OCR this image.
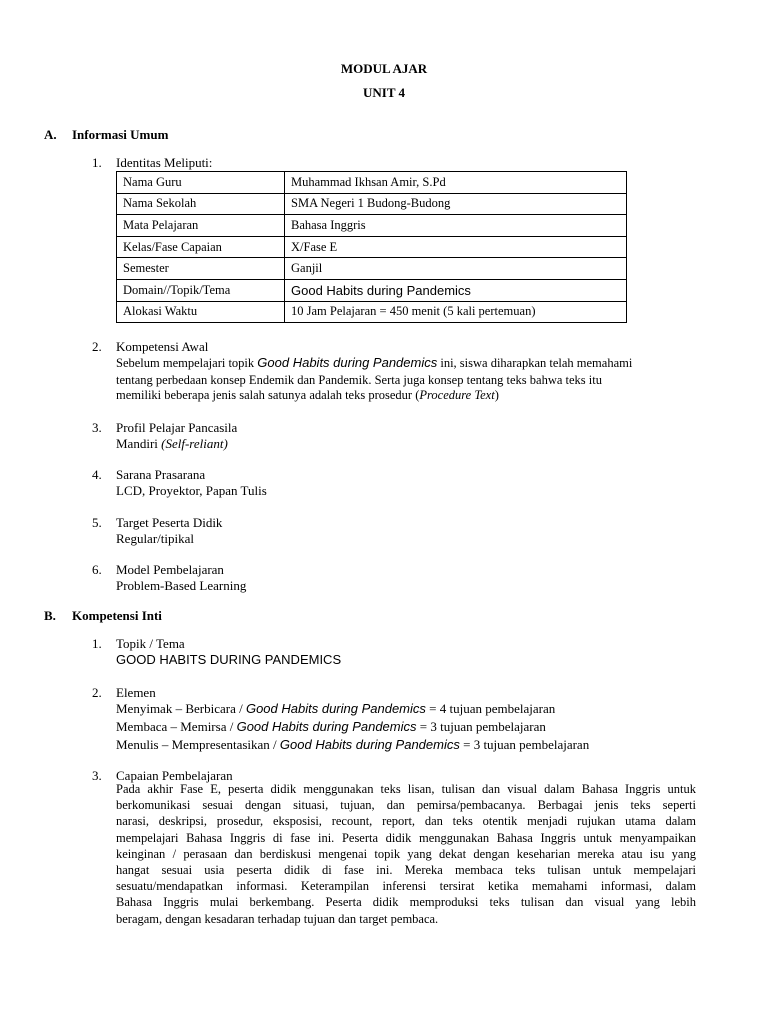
MODUL AJAR
UNIT 4
A. Informasi Umum
1. Identitas Meliputi:
Nama Guru	Muhammad Ikhsan Amir, S.Pd
Nama Sekolah	SMA Negeri 1 Budong-Budong
Mata Pelajaran	Bahasa Inggris
Kelas/Fase Capaian	X/Fase E
Semester	Ganjil
Domain//Topik/Tema	Good Habits during Pandemics
Alokasi Waktu	10 Jam Pelajaran = 450 menit (5 kali pertemuan)
2. Kompetensi Awal
Sebelum mempelajari topik Good Habits during Pandemics ini, siswa diharapkan telah memahami
tentang perbedaan konsep Endemik dan Pandemik. Serta juga konsep tentang teks bahwa teks itu
memiliki beberapa jenis salah satunya adalah teks prosedur (Procedure Text)
3. Profil Pelajar Pancasila
Mandiri (Self-reliant)
4. Sarana Prasarana
LCD, Proyektor, Papan Tulis
5. Target Peserta Didik
Regular/tipikal
6. Model Pembelajaran
Problem-Based Learning
B. Kompetensi Inti
1. Topik / Tema
GOOD HABITS DURING PANDEMICS
2. Elemen
Menyimak – Berbicara / Good Habits during Pandemics = 4 tujuan pembelajaran
Membaca – Memirsa / Good Habits during Pandemics = 3 tujuan pembelajaran
Menulis – Mempresentasikan / Good Habits during Pandemics = 3 tujuan pembelajaran
3. Capaian Pembelajaran
Pada akhir Fase E, peserta didik menggunakan teks lisan, tulisan dan visual dalam Bahasa Inggris untuk
berkomunikasi sesuai dengan situasi, tujuan, dan pemirsa/pembacanya. Berbagai jenis teks seperti
narasi, deskripsi, prosedur, eksposisi, recount, report, dan teks otentik menjadi rujukan utama dalam
mempelajari Bahasa Inggris di fase ini. Peserta didik menggunakan Bahasa Inggris untuk menyampaikan
keinginan / perasaan dan berdiskusi mengenai topik yang dekat dengan keseharian mereka atau isu yang
hangat sesuai usia peserta didik di fase ini. Mereka membaca teks tulisan untuk mempelajari
sesuatu/mendapatkan informasi. Keterampilan inferensi tersirat ketika memahami informasi, dalam
Bahasa Inggris mulai berkembang. Peserta didik memproduksi teks tulisan dan visual yang lebih
beragam, dengan kesadaran terhadap tujuan dan target pembaca.
